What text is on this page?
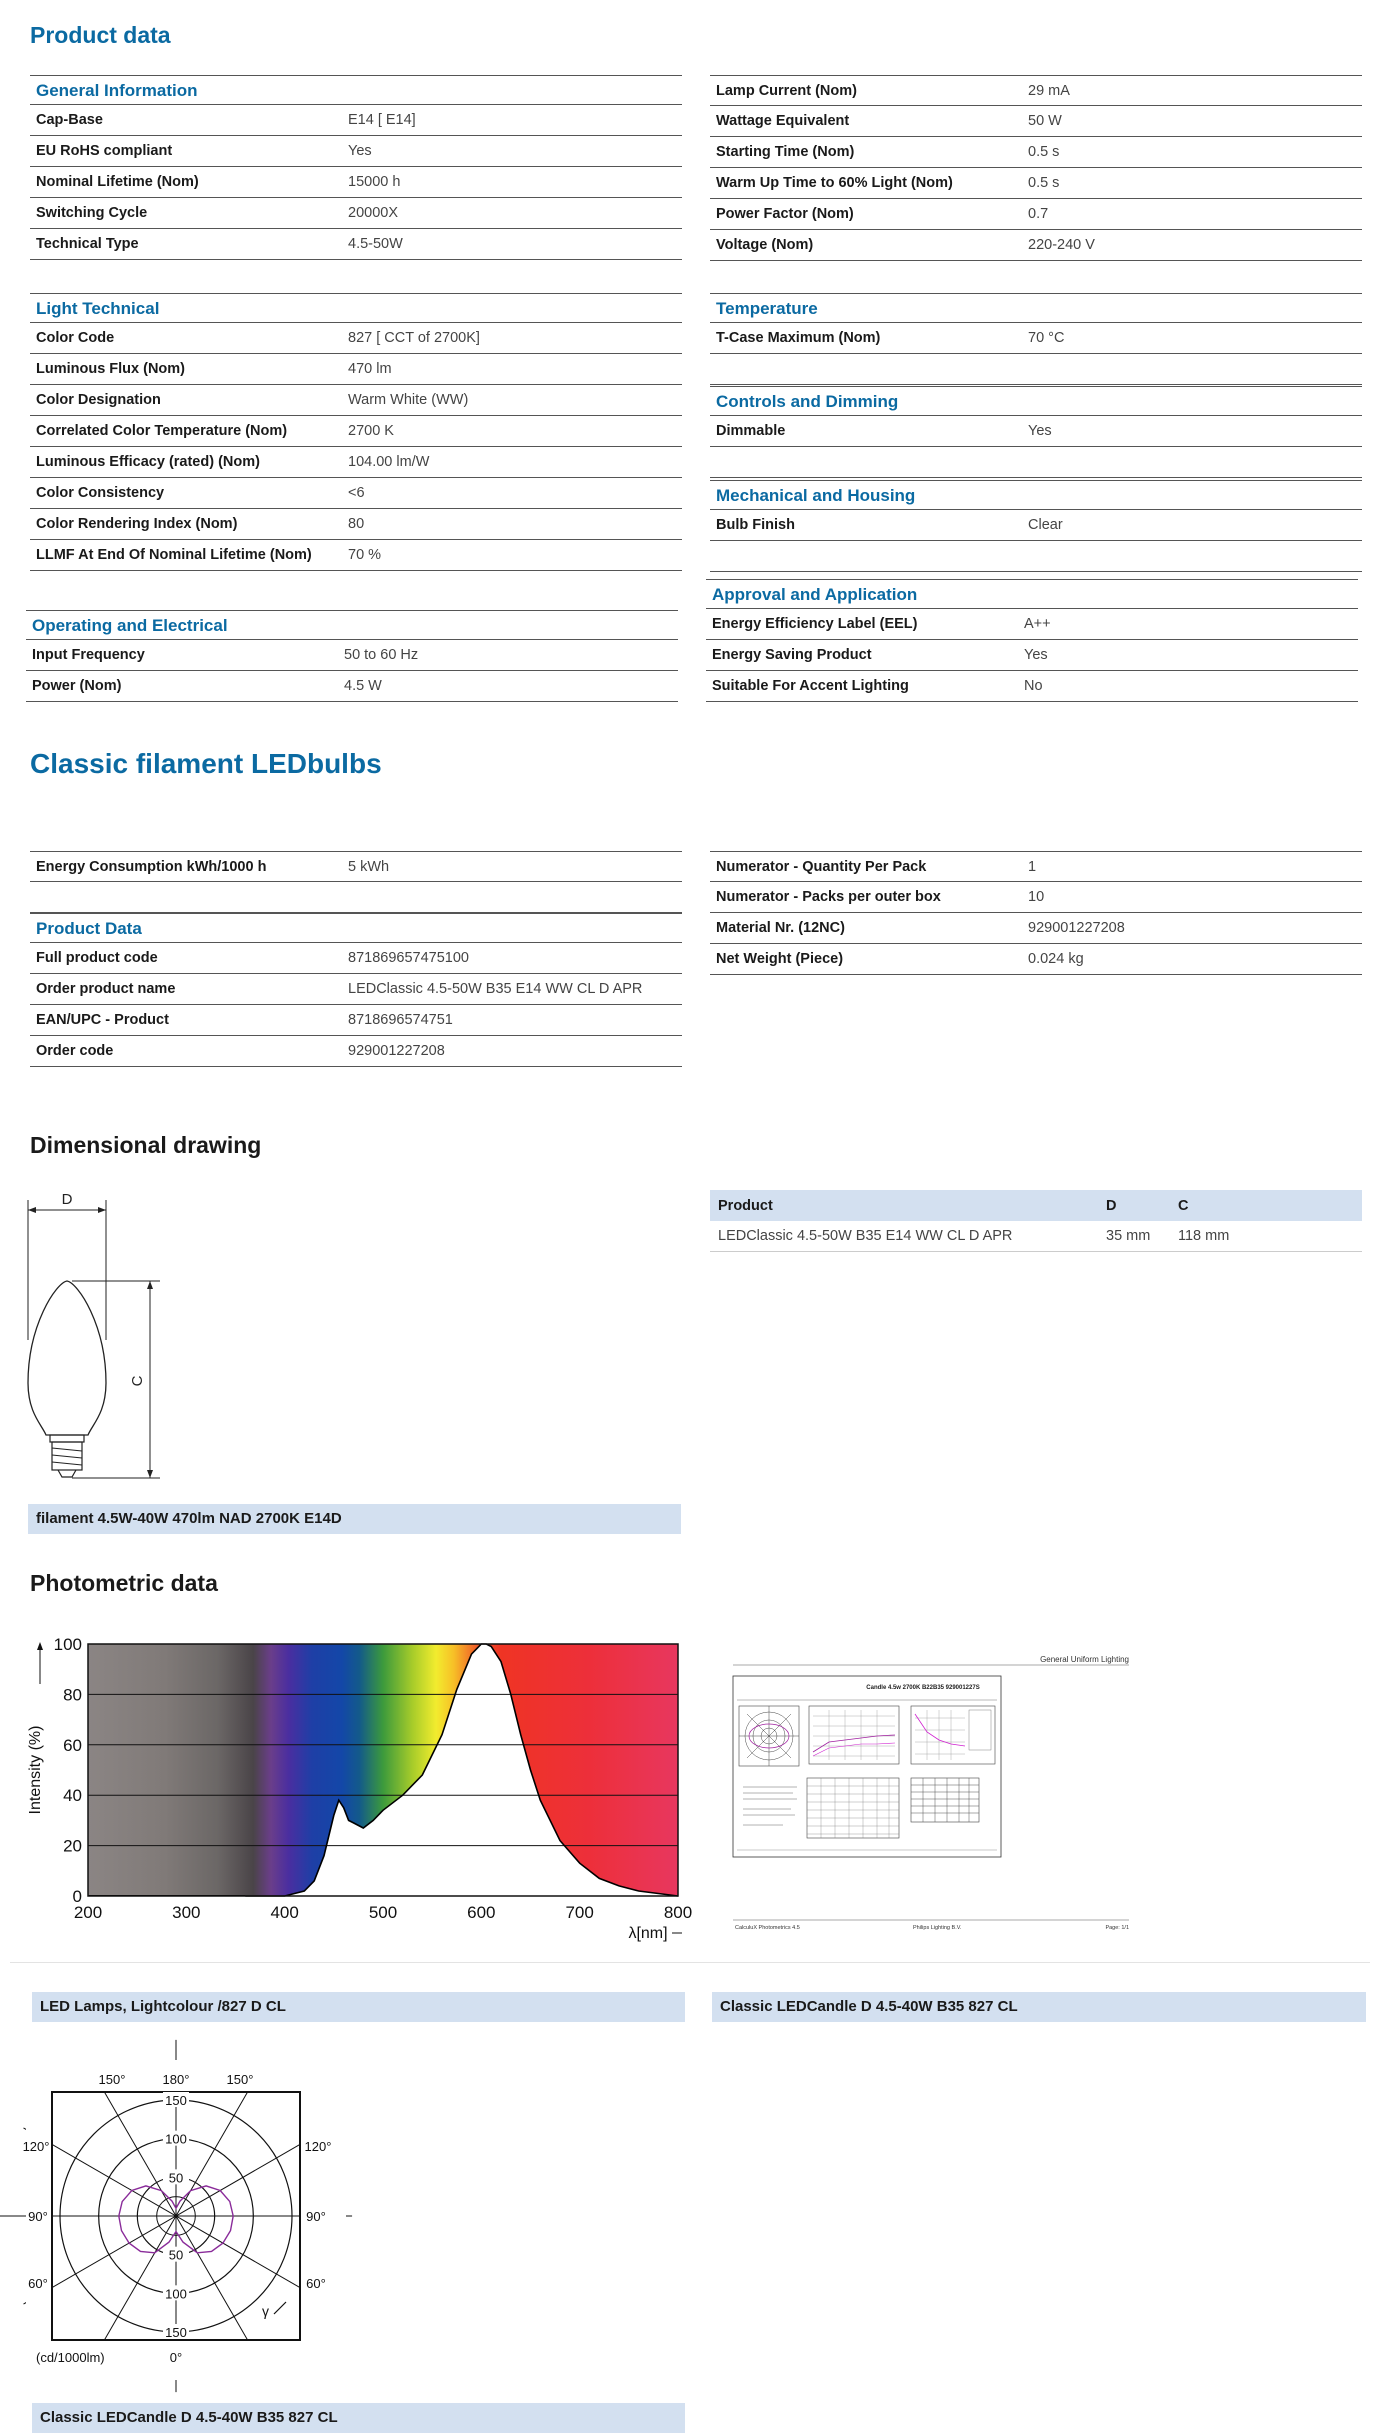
Product data
Classic filament LEDbulbs
Dimensional drawing
Photometric data
General Information
Cap-Base	E14 [ E14]
EU RoHS compliant	Yes
Nominal Lifetime (Nom)	15000 h
Switching Cycle	20000X
Technical Type	4.5-50W
Lamp Current (Nom)	29 mA
Wattage Equivalent	50 W
Starting Time (Nom)	0.5 s
Warm Up Time to 60% Light (Nom)	0.5 s
Power Factor (Nom)	0.7
Voltage (Nom)	220-240 V
Light Technical
Color Code	827 [ CCT of 2700K]
Luminous Flux (Nom)	470 lm
Color Designation	Warm White (WW)
Correlated Color Temperature (Nom)	2700 K
Luminous Efficacy (rated) (Nom)	104.00 lm/W
Color Consistency	<6
Color Rendering Index (Nom)	80
LLMF At End Of Nominal Lifetime (Nom)	70 %
Temperature
T-Case Maximum (Nom)	70 °C
Controls and Dimming
Dimmable	Yes
Mechanical and Housing
Bulb Finish	Clear
Operating and Electrical
Input Frequency	50 to 60 Hz
Power (Nom)	4.5 W
Approval and Application
Energy Efficiency Label (EEL)	A++
Energy Saving Product	Yes
Suitable For Accent Lighting	No
Energy Consumption kWh/1000 h	5 kWh
Product Data
Full product code	871869657475100
Order product name	LEDClassic 4.5-50W B35 E14 WW CL D APR
EAN/UPC - Product	8718696574751
Order code	929001227208
Numerator - Quantity Per Pack	1
Numerator - Packs per outer box	10
Material Nr. (12NC)	929001227208
Net Weight (Piece)	0.024 kg
D
C
filament 4.5W-40W 470lm NAD 2700K E14D
Product	D	C
LEDClassic 4.5-50W B35 E14 WW CL D APR	35 mm	118 mm
0
20
40
60
80
100
200	300	400	500	600	700	800
Intensity (%)
λ[nm]
LED Lamps, Lightcolour /827 D CL
General Uniform Lighting
Candle 4.5w 2700K B22B35 929001227S
CalculuX Photometrics 4.5	Philips Lighting B.V.	Page: 1/1
Classic LEDCandle D 4.5-40W B35 827 CL
50
50
100
100
150
150
150°	180°	150°
120°	120°
90°	90°
60°	60°
0°
(cd/1000lm)
γ
Classic LEDCandle D 4.5-40W B35 827 CL
